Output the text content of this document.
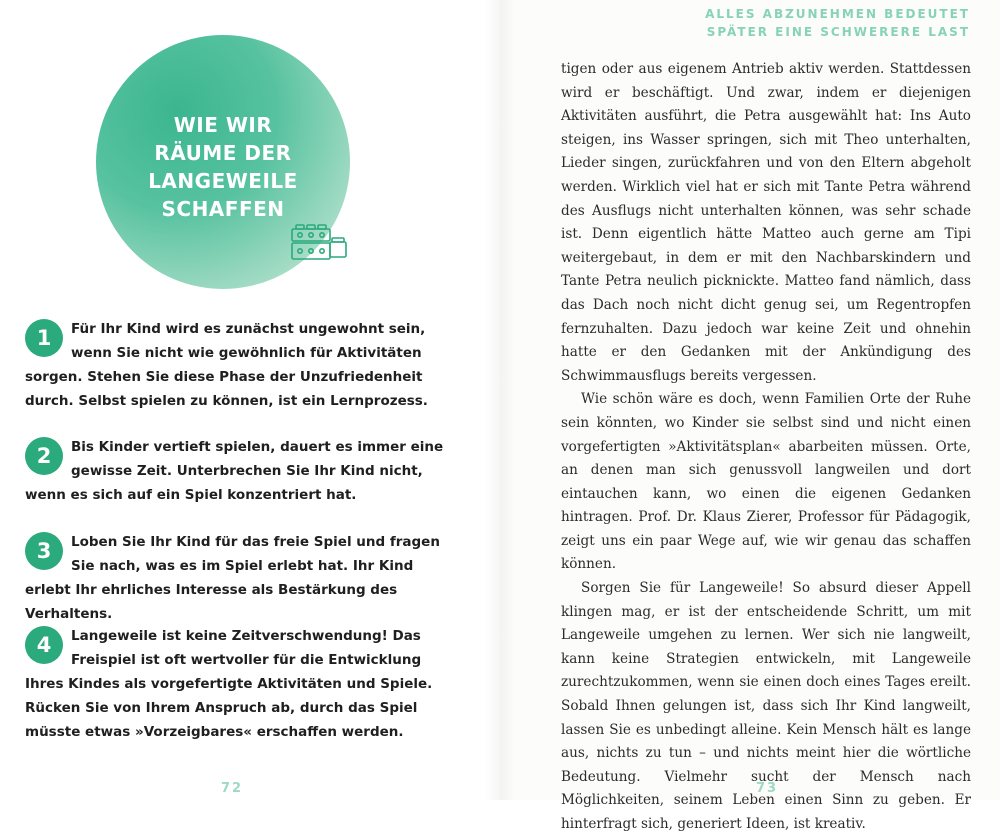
WIE WIR
RÄUME DER
LANGEWEILE
SCHAFFEN
1	Für Ihr Kind wird es zunächst ungewohnt sein, wenn Sie nicht wie gewöhnlich für Aktivitäten sorgen. Stehen Sie diese Phase der Unzufriedenheit durch. Selbst spielen zu können, ist ein Lernprozess.
2	Bis Kinder vertieft spielen, dauert es immer eine gewisse Zeit. Unterbrechen Sie Ihr Kind nicht, wenn es sich auf ein Spiel konzentriert hat.
3	Loben Sie Ihr Kind für das freie Spiel und fragen Sie nach, was es im Spiel erlebt hat. Ihr Kind erlebt Ihr ehrliches Interesse als Bestärkung des Verhaltens.
4	Langeweile ist keine Zeitverschwendung! Das Freispiel ist oft wertvoller für die Entwicklung Ihres Kindes als vorgefertigte Aktivitäten und Spiele. Rücken Sie von Ihrem Anspruch ab, durch das Spiel müsste etwas »Vorzeigbares« erschaffen werden.
72
ALLES ABZUNEHMEN BEDEUTET
SPÄTER EINE SCHWERERE LAST

tigen oder aus eigenem Antrieb aktiv werden. Stattdessen wird er beschäftigt. Und zwar, indem er diejenigen Aktivitäten ausführt, die Petra ausgewählt hat: Ins Auto steigen, ins Wasser springen, sich mit Theo unterhalten, Lieder singen, zurückfahren und von den Eltern abgeholt werden. Wirklich viel hat er sich mit Tante Petra während des Ausflugs nicht unterhalten können, was sehr schade ist. Denn eigentlich hätte Matteo auch gerne am Tipi weitergebaut, in dem er mit den Nachbarskindern und Tante Petra neulich picknickte. Matteo fand nämlich, dass das Dach noch nicht dicht genug sei, um Regentropfen fernzuhalten. Dazu jedoch war keine Zeit und ohnehin hatte er den Gedanken mit der Ankündigung des Schwimmausflugs bereits vergessen.

Wie schön wäre es doch, wenn Familien Orte der Ruhe sein könnten, wo Kinder sie selbst sind und nicht einen vorgefertigten »Aktivitätsplan« abarbeiten müssen. Orte, an denen man sich genussvoll langweilen und dort eintauchen kann, wo einen die eigenen Gedanken hintragen. Prof. Dr. Klaus Zierer, Professor für Pädagogik, zeigt uns ein paar Wege auf, wie wir genau das schaffen können.

Sorgen Sie für Langeweile! So absurd dieser Appell klingen mag, er ist der entscheidende Schritt, um mit Langeweile umgehen zu lernen. Wer sich nie langweilt, kann keine Strategien entwickeln, mit Langeweile zurechtzukommen, wenn sie einen doch eines Tages ereilt. Sobald Ihnen gelungen ist, dass sich Ihr Kind langweilt, lassen Sie es unbedingt alleine. Kein Mensch hält es lange aus, nichts zu tun – und nichts meint hier die wörtliche Bedeutung. Vielmehr sucht der Mensch nach Möglichkeiten, seinem Leben einen Sinn zu geben. Er hinterfragt sich, generiert Ideen, ist kreativ.

73
